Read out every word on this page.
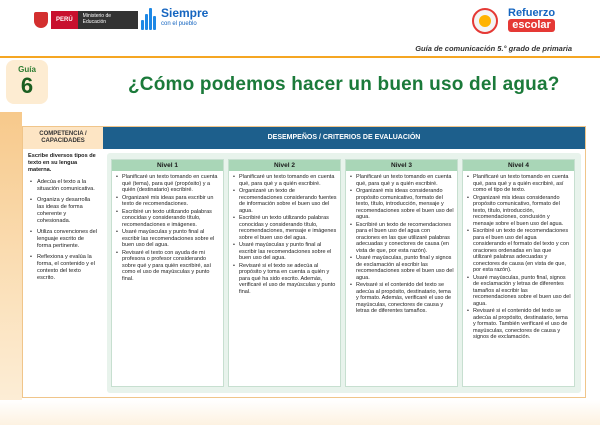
PERÚ
Ministerio de Educación
Siempre
con el pueblo
Refuerzo
escolar
Guía de comunicación 5.° grado de primaria
Guía
6	¿Cómo podemos hacer un buen uso del agua?
COMPETENCIA / CAPACIDADES	DESEMPEÑOS / CRITERIOS DE EVALUACIÓN
Escribe diversos tipos de texto en su lengua materna.
• Adecúa el texto a la situación comunicativa.
• Organiza y desarrolla las ideas de forma coherente y cohesionada.
• Utiliza convenciones del lenguaje escrito de forma pertinente.
• Reflexiona y evalúa la forma, el contenido y el contexto del texto escrito.
Nivel 1
• Planificaré un texto tomando en cuenta qué (tema), para qué (propósito) y a quién (destinatario) escribiré.
• Organizaré mis ideas para escribir un texto de recomendaciones.
• Escribiré un texto utilizando palabras conocidas y considerando título, recomendaciones e imágenes.
• Usaré mayúsculas y punto final al escribir las recomendaciones sobre el buen uso del agua.
• Revisaré el texto con ayuda de mi profesora o profesor considerando sobre qué y para quién escribiré, así como el uso de mayúsculas y punto final.
Nivel 2
• Planificaré un texto tomando en cuenta qué, para qué y a quién escribiré.
• Organizaré un texto de recomendaciones considerando fuentes de información sobre el buen uso del agua.
• Escribiré un texto utilizando palabras conocidas y considerando título, recomendaciones, mensaje e imágenes sobre el buen uso del agua.
• Usaré mayúsculas y punto final al escribir las recomendaciones sobre el buen uso del agua.
• Revisaré si el texto se adecúa al propósito y toma en cuenta a quién y para qué ha sido escrito. Además, verificaré el uso de mayúsculas y punto final.
Nivel 3
• Planificaré un texto tomando en cuenta qué, para qué y a quién escribiré.
• Organizaré mis ideas considerando propósito comunicativo, formato del texto, título, introducción, mensaje y recomendaciones sobre el buen uso del agua.
• Escribiré un texto de recomendaciones para el buen uso del agua con oraciones en las que utilizaré palabras adecuadas y conectores de causa (en vista de que, por esta razón).
• Usaré mayúsculas, punto final y signos de exclamación al escribir las recomendaciones sobre el buen uso del agua.
• Revisaré si el contenido del texto se adecúa al propósito, destinatario, tema y formato. Además, verificaré el uso de mayúsculas, conectores de causa y letras de diferentes tamaños.
Nivel 4
• Planificaré un texto tomando en cuenta qué, para qué y a quién escribiré, así como el tipo de texto.
• Organizaré mis ideas considerando propósito comunicativo, formato del texto, título, introducción, recomendaciones, conclusión y mensaje sobre el buen uso del agua.
• Escribiré un texto de recomendaciones para el buen uso del agua considerando el formato del texto y con oraciones ordenadas en las que utilizaré palabras adecuadas y conectores de causa (en vista de que, por esta razón).
• Usaré mayúsculas, punto final, signos de exclamación y letras de diferentes tamaños al escribir las recomendaciones sobre el buen uso del agua.
• Revisaré si el contenido del texto se adecúa al propósito, destinatario, tema y formato. También verificaré el uso de mayúsculas, conectores de causa y signos de exclamación.
